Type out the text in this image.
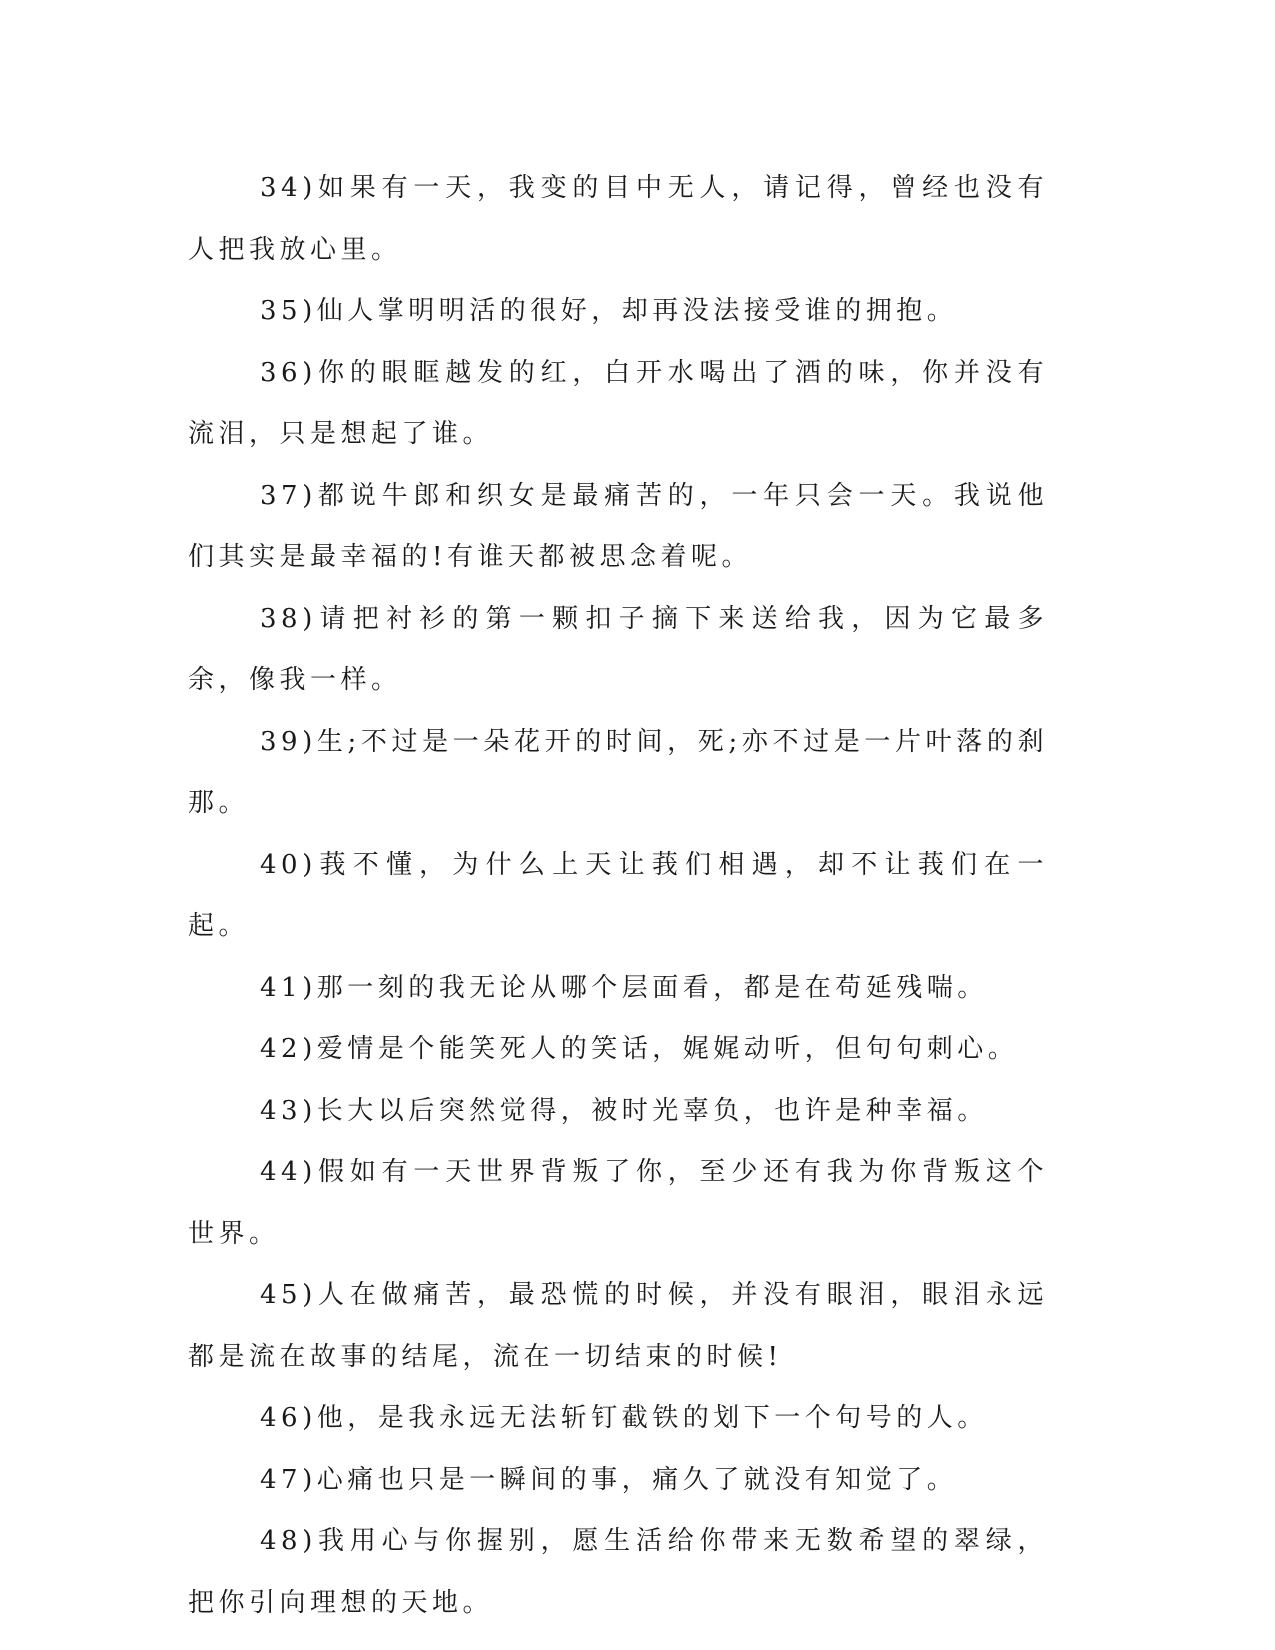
34)如果有一天，我变的目中无人，请记得，曾经也没有人把我放心里。

35)仙人掌明明活的很好，却再没法接受谁的拥抱。

36)你的眼眶越发的红，白开水喝出了酒的味，你并没有流泪，只是想起了谁。

37)都说牛郎和织女是最痛苦的，一年只会一天。我说他们其实是最幸福的!有谁天都被思念着呢。

38)请把衬衫的第一颗扣子摘下来送给我，因为它最多余，像我一样。

39)生;不过是一朵花开的时间，死;亦不过是一片叶落的刹那。

40)莪不懂，为什么上天让莪们相遇，却不让莪们在一起。

41)那一刻的我无论从哪个层面看，都是在苟延残喘。

42)爱情是个能笑死人的笑话，娓娓动听，但句句刺心。

43)长大以后突然觉得，被时光辜负，也许是种幸福。

44)假如有一天世界背叛了你，至少还有我为你背叛这个世界。

45)人在做痛苦，最恐慌的时候，并没有眼泪，眼泪永远都是流在故事的结尾，流在一切结束的时候!

46)他，是我永远无法斩钉截铁的划下一个句号的人。

47)心痛也只是一瞬间的事，痛久了就没有知觉了。

48)我用心与你握别，愿生活给你带来无数希望的翠绿，把你引向理想的天地。
